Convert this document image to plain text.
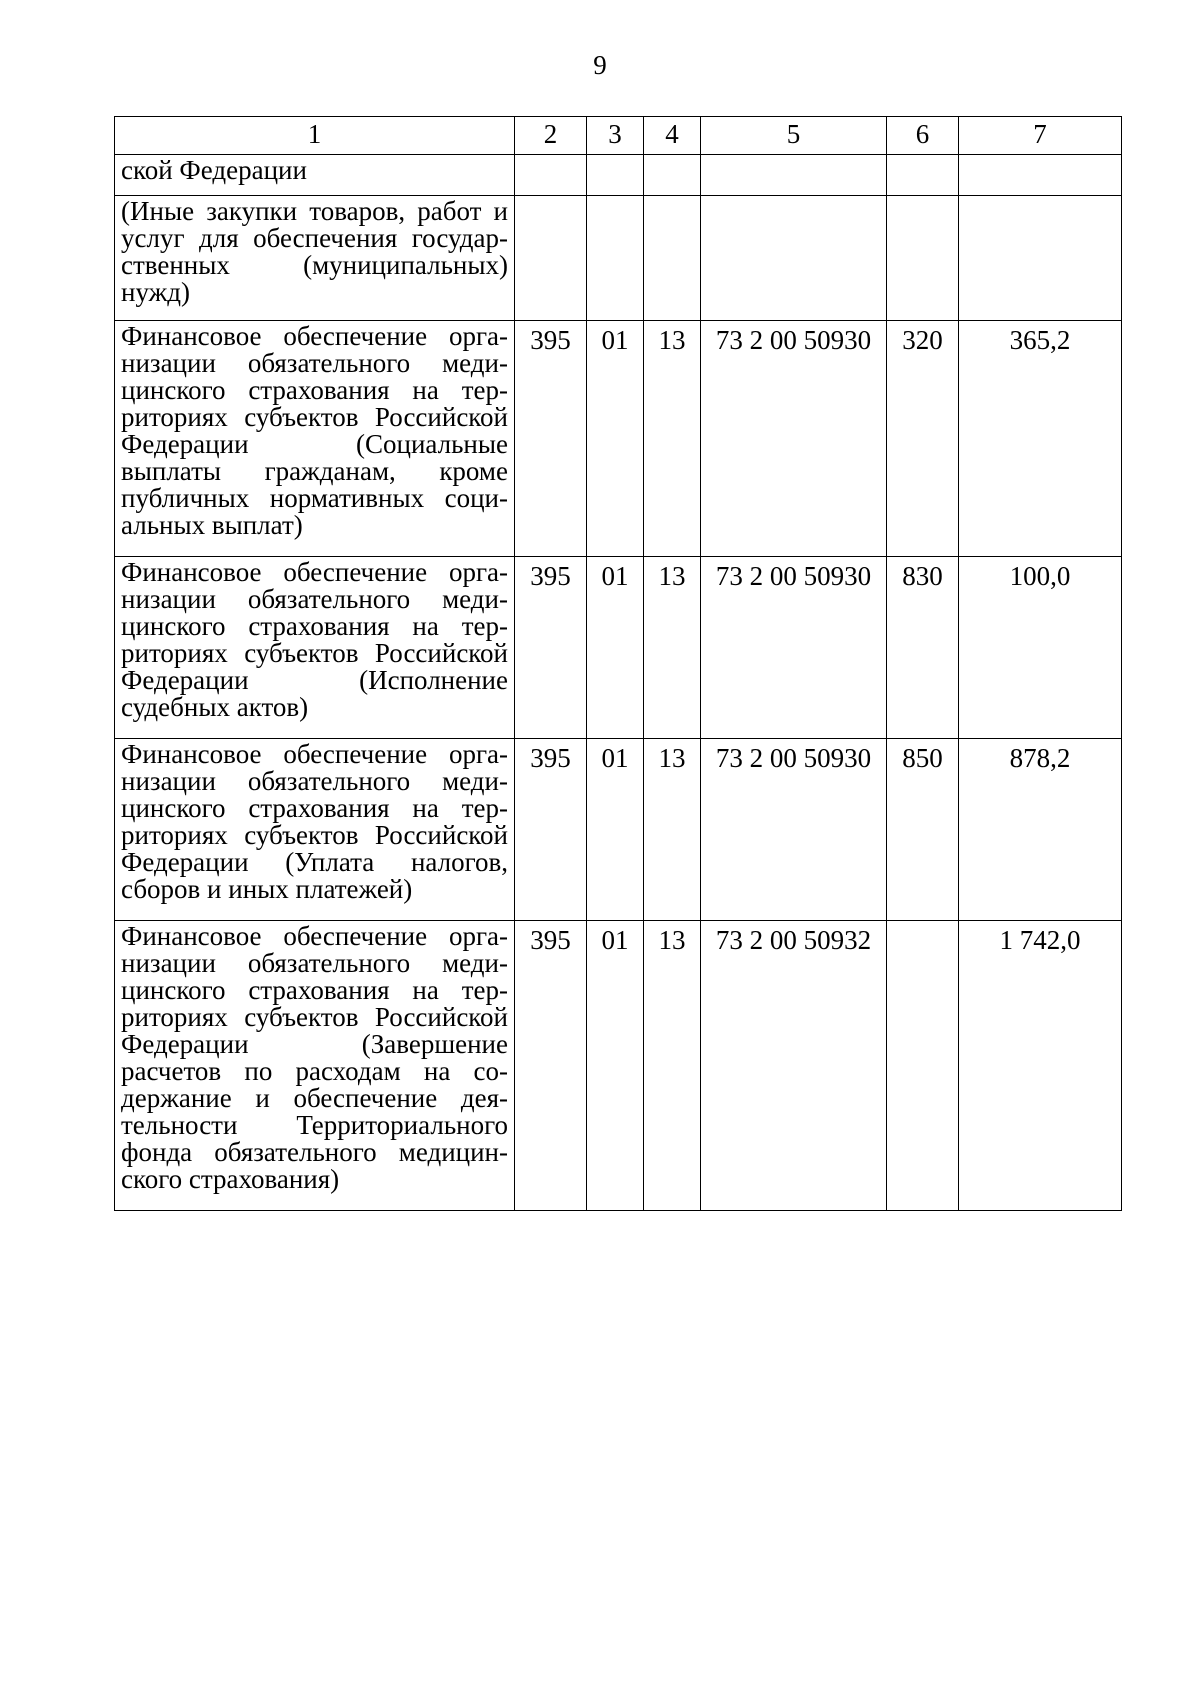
9
1	2	3	4	5	6	7
ской Федерации						
(Иные закупки товаров, работ и услуг для обеспечения государственных (муниципальных) нужд)						
Финансовое обеспечение организации обязательного медицинского страхования на территориях субъектов Российской Федерации (Социальные выплаты гражданам, кроме публичных нормативных социальных выплат)	395	01	13	73 2 00 50930	320	365,2
Финансовое обеспечение организации обязательного медицинского страхования на территориях субъектов Российской Федерации (Исполнение судебных актов)	395	01	13	73 2 00 50930	830	100,0
Финансовое обеспечение организации обязательного медицинского страхования на территориях субъектов Российской Федерации (Уплата налогов, сборов и иных платежей)	395	01	13	73 2 00 50930	850	878,2
Финансовое обеспечение организации обязательного медицинского страхования на территориях субъектов Российской Федерации (Завершение расчетов по расходам на содержание и обеспечение деятельности Территориального фонда обязательного медицинского страхования)	395	01	13	73 2 00 50932		1 742,0
